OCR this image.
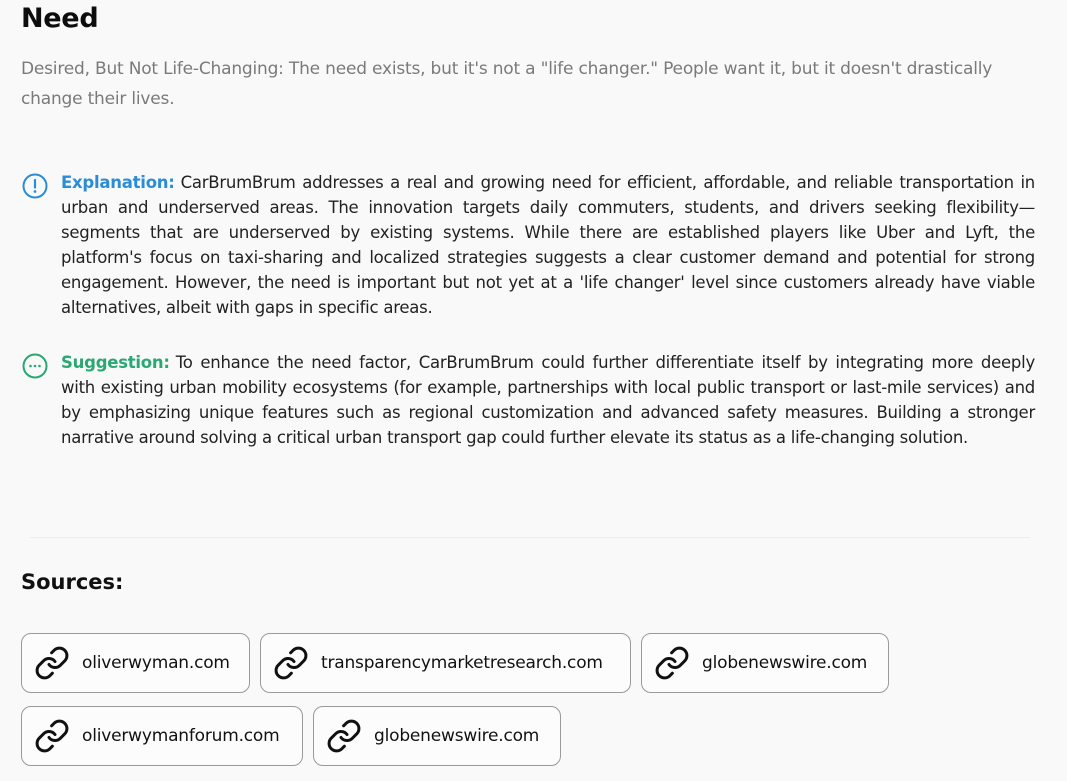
Need
Desired, But Not Life-Changing: The need exists, but it's not a "life changer." People want it, but it doesn't drastically change their lives.
Explanation: CarBrumBrum addresses a real and growing need for efficient, affordable, and reliable transportation in urban and underserved areas. The innovation targets daily commuters, students, and drivers seeking flexibility—segments that are underserved by existing systems. While there are established players like Uber and Lyft, the platform's focus on taxi-sharing and localized strategies suggests a clear customer demand and potential for strong engagement. However, the need is important but not yet at a 'life changer' level since customers already have viable alternatives, albeit with gaps in specific areas.
Suggestion: To enhance the need factor, CarBrumBrum could further differentiate itself by integrating more deeply with existing urban mobility ecosystems (for example, partnerships with local public transport or last-mile services) and by emphasizing unique features such as regional customization and advanced safety measures. Building a stronger narrative around solving a critical urban transport gap could further elevate its status as a life-changing solution.
Sources:
oliverwyman.com	transparencymarketresearch.com	globenewswire.com
oliverwymanforum.com	globenewswire.com
